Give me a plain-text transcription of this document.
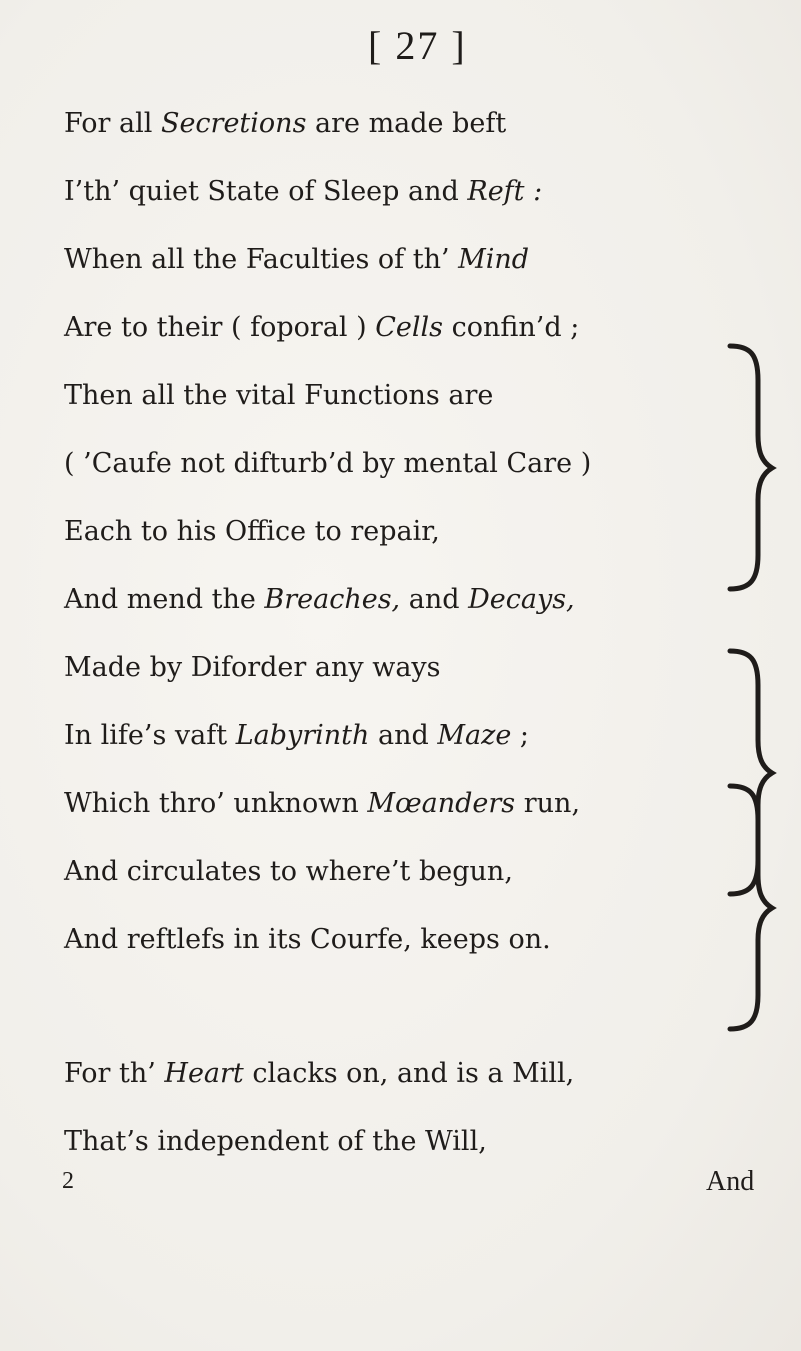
[ 27 ]
For all Secretions are made beft
I’th’ quiet State of Sleep and Reft :
When all the Faculties of th’ Mind
Are to their ( foporal ) Cells confin’d ;
Then all the vital Functions are
( ’Caufe not difturb’d by mental Care )
Each to his Office to repair,
And mend the Breaches, and Decays,
Made by Diforder any ways
In life’s vaft Labyrinth and Maze ;
Which thro’ unknown Mœanders run,
And circulates to where’t begun,
And reftlefs in its Courfe, keeps on.
For th’ Heart clacks on, and is a Mill,
That’s independent of the Will,
2	And
